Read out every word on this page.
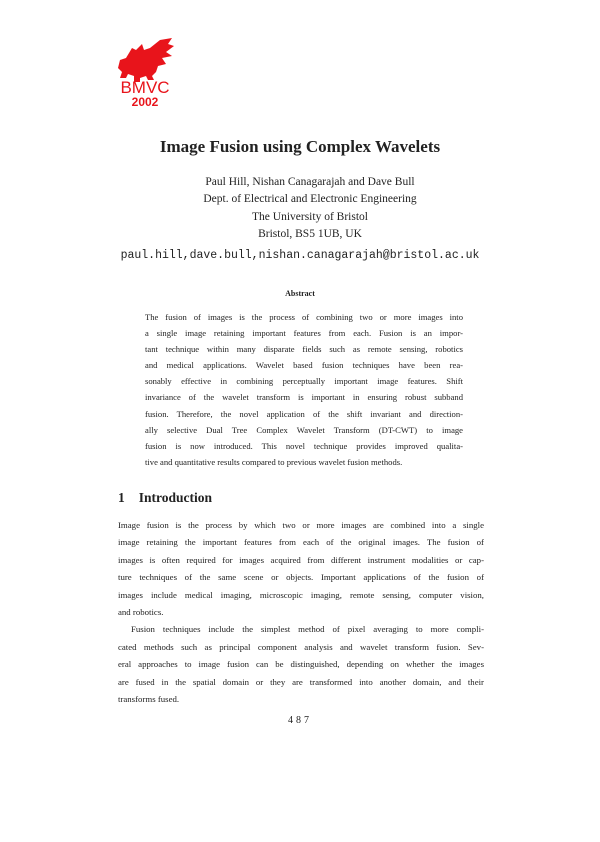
BMVC
2002
Image Fusion using Complex Wavelets
Paul Hill, Nishan Canagarajah and Dave Bull
Dept. of Electrical and Electronic Engineering
The University of Bristol
Bristol, BS5 1UB, UK
paul.hill,dave.bull,nishan.canagarajah@bristol.ac.uk
Abstract
The fusion of images is the process of combining two or more images into
a single image retaining important features from each. Fusion is an impor-
tant technique within many disparate fields such as remote sensing, robotics
and medical applications. Wavelet based fusion techniques have been rea-
sonably effective in combining perceptually important image features. Shift
invariance of the wavelet transform is important in ensuring robust subband
fusion. Therefore, the novel application of the shift invariant and direction-
ally selective Dual Tree Complex Wavelet Transform (DT-CWT) to image
fusion is now introduced. This novel technique provides improved qualita-
tive and quantitative results compared to previous wavelet fusion methods.
1 Introduction
Image fusion is the process by which two or more images are combined into a single
image retaining the important features from each of the original images. The fusion of
images is often required for images acquired from different instrument modalities or cap-
ture techniques of the same scene or objects. Important applications of the fusion of
images include medical imaging, microscopic imaging, remote sensing, computer vision,
and robotics.
Fusion techniques include the simplest method of pixel averaging to more compli-
cated methods such as principal component analysis and wavelet transform fusion. Sev-
eral approaches to image fusion can be distinguished, depending on whether the images
are fused in the spatial domain or they are transformed into another domain, and their
transforms fused.
487
